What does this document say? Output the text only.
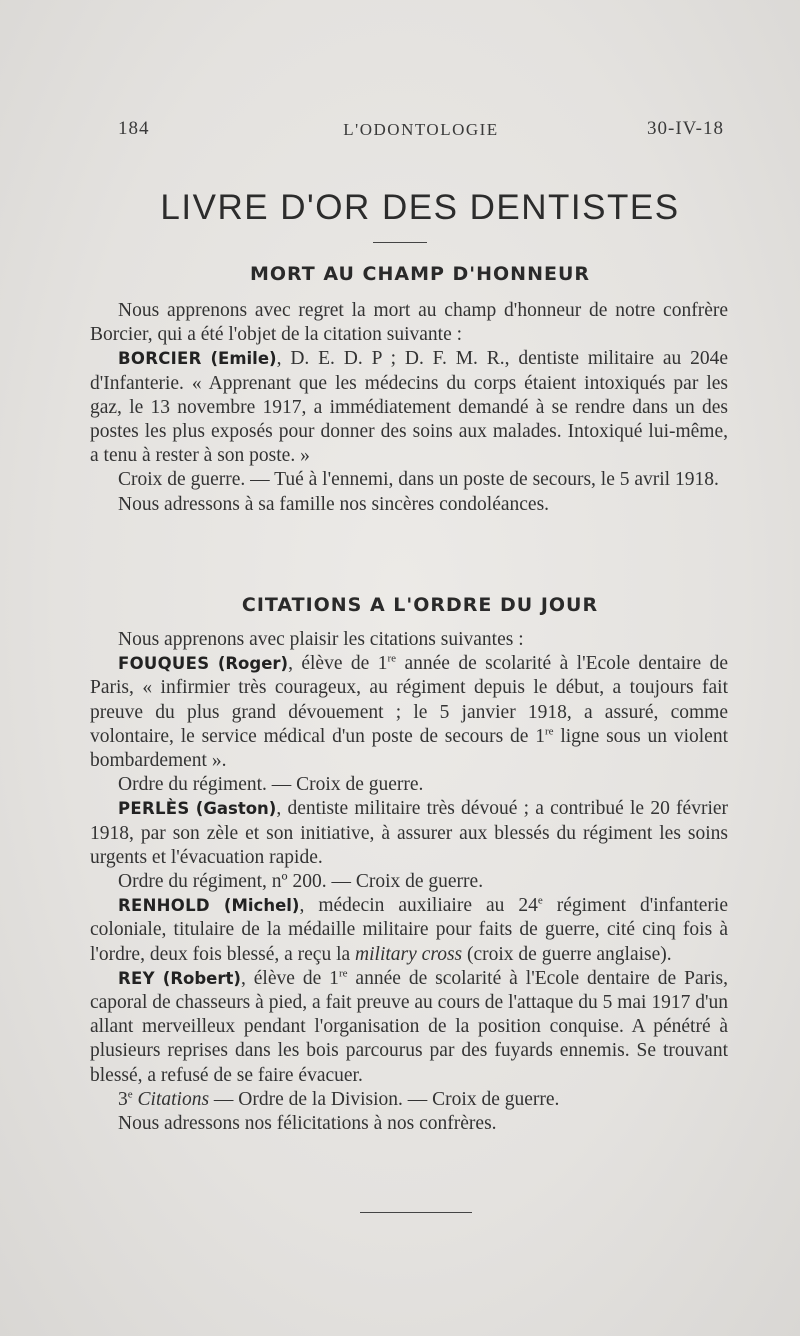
184	L'ODONTOLOGIE	30-IV-18
LIVRE D'OR DES DENTISTES
MORT AU CHAMP D'HONNEUR

Nous apprenons avec regret la mort au champ d'honneur de notre confrère Borcier, qui a été l'objet de la citation suivante :

BORCIER (Emile), D. E. D. P ; D. F. M. R., dentiste militaire au 204e d'Infanterie. « Apprenant que les médecins du corps étaient intoxiqués par les gaz, le 13 novembre 1917, a immédiatement demandé à se rendre dans un des postes les plus exposés pour donner des soins aux malades. Intoxiqué lui-même, a tenu à rester à son poste. »

Croix de guerre. — Tué à l'ennemi, dans un poste de secours, le 5 avril 1918.

Nous adressons à sa famille nos sincères condoléances.

CITATIONS A L'ORDRE DU JOUR

Nous apprenons avec plaisir les citations suivantes :

FOUQUES (Roger), élève de 1re année de scolarité à l'Ecole dentaire de Paris, « infirmier très courageux, au régiment depuis le début, a toujours fait preuve du plus grand dévouement ; le 5 janvier 1918, a assuré, comme volontaire, le service médical d'un poste de secours de 1re ligne sous un violent bombardement ».

Ordre du régiment. — Croix de guerre.

PERLÈS (Gaston), dentiste militaire très dévoué ; a contribué le 20 février 1918, par son zèle et son initiative, à assurer aux blessés du régiment les soins urgents et l'évacuation rapide.

Ordre du régiment, nº 200. — Croix de guerre.

RENHOLD (Michel), médecin auxiliaire au 24e régiment d'infanterie coloniale, titulaire de la médaille militaire pour faits de guerre, cité cinq fois à l'ordre, deux fois blessé, a reçu la military cross (croix de guerre anglaise).

REY (Robert), élève de 1re année de scolarité à l'Ecole dentaire de Paris, caporal de chasseurs à pied, a fait preuve au cours de l'attaque du 5 mai 1917 d'un allant merveilleux pendant l'organisation de la position conquise. A pénétré à plusieurs reprises dans les bois parcourus par des fuyards ennemis. Se trouvant blessé, a refusé de se faire évacuer.

3e Citations — Ordre de la Division. — Croix de guerre.

Nous adressons nos félicitations à nos confrères.
